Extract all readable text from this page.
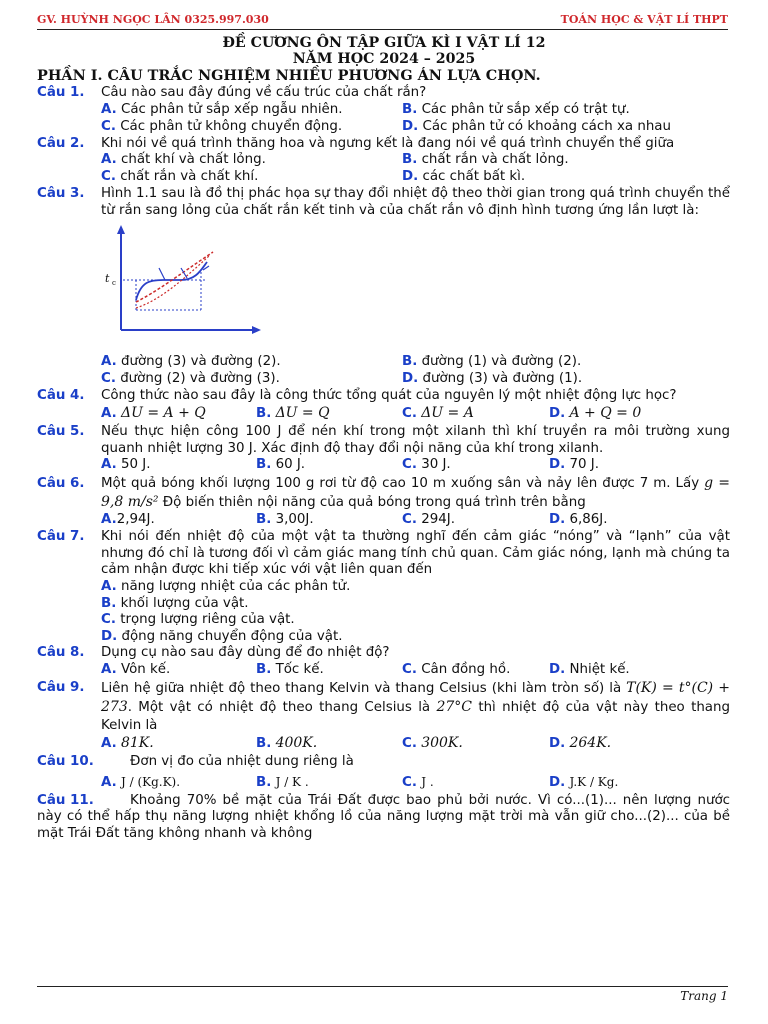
GV. HUỲNH NGỌC LÂN 0325.997.030	TOÁN HỌC & VẬT LÍ THPT
ĐỀ CƯƠNG ÔN TẬP GIỮA KÌ I VẬT LÍ 12
NĂM HỌC 2024 – 2025
PHẦN I. CÂU TRẮC NGHIỆM NHIỀU PHƯƠNG ÁN LỰA CHỌN.
Câu 1. Câu nào sau đây đúng về cấu trúc của chất rắn?
A. Các phân tử sắp xếp ngẫu nhiên.	B. Các phân tử sắp xếp có trật tự.
C. Các phân tử không chuyển động.	D. Các phân tử có khoảng cách xa nhau
Câu 2. Khi nói về quá trình thăng hoa và ngưng kết là đang nói về quá trình chuyển thể giữa
A. chất khí và chất lỏng.	B. chất rắn và chất lỏng.
C. chất rắn và chất khí.	D. các chất bất kì.
Câu 3. Hình 1.1 sau là đồ thị phác họa sự thay đổi nhiệt độ theo thời gian trong quá trình chuyển thể từ rắn sang lỏng của chất rắn kết tinh và của chất rắn vô định hình tương ứng lần lượt là:
t c
A. đường (3) và đường (2).	B. đường (1) và đường (2).
C. đường (2) và đường (3).	D. đường (3) và đường (1).
Câu 4. Công thức nào sau đây là công thức tổng quát của nguyên lý một nhiệt động lực học?
A. ΔU = A + Q	B. ΔU = Q	C. ΔU = A	D. A + Q = 0
Câu 5. Nếu thực hiện công 100 J để nén khí trong một xilanh thì khí truyền ra môi trường xung quanh nhiệt lượng 30 J. Xác định độ thay đổi nội năng của khí trong xilanh.
A. 50 J.	B. 60 J.	C. 30 J.	D. 70 J.
Câu 6. Một quả bóng khối lượng 100 g rơi từ độ cao 10 m xuống sân và nảy lên được 7 m. Lấy g = 9,8 m/s² Độ biến thiên nội năng của quả bóng trong quá trình trên bằng
A.2,94J.	B. 3,00J.	C. 294J.	D. 6,86J.
Câu 7. Khi nói đến nhiệt độ của một vật ta thường nghĩ đến cảm giác “nóng” và “lạnh” của vật nhưng đó chỉ là tương đối vì cảm giác mang tính chủ quan. Cảm giác nóng, lạnh mà chúng ta cảm nhận được khi tiếp xúc với vật liên quan đến
A. năng lượng nhiệt của các phân tử.
B. khối lượng của vật.
C. trọng lượng riêng của vật.
D. động năng chuyển động của vật.
Câu 8. Dụng cụ nào sau đây dùng để đo nhiệt độ?
A. Vôn kế.	B. Tốc kế.	C. Cân đồng hồ.	D. Nhiệt kế.
Câu 9. Liên hệ giữa nhiệt độ theo thang Kelvin và thang Celsius (khi làm tròn số) là T(K) = t°(C) + 273. Một vật có nhiệt độ theo thang Celsius là 27°C thì nhiệt độ của vật này theo thang Kelvin là
A. 81K.	B. 400K.	C. 300K.	D. 264K.
Câu 10.	Đơn vị đo của nhiệt dung riêng là
A. J / (Kg.K).	B. J / K .	C. J .	D. J.K / Kg.
Câu 11.	Khoảng 70% bề mặt của Trái Đất được bao phủ bởi nước. Vì có...(1)... nên lượng nước này có thể hấp thụ năng lượng nhiệt khổng lồ của năng lượng mặt trời mà vẫn giữ cho...(2)... của bề mặt Trái Đất tăng không nhanh và không
Trang 1
